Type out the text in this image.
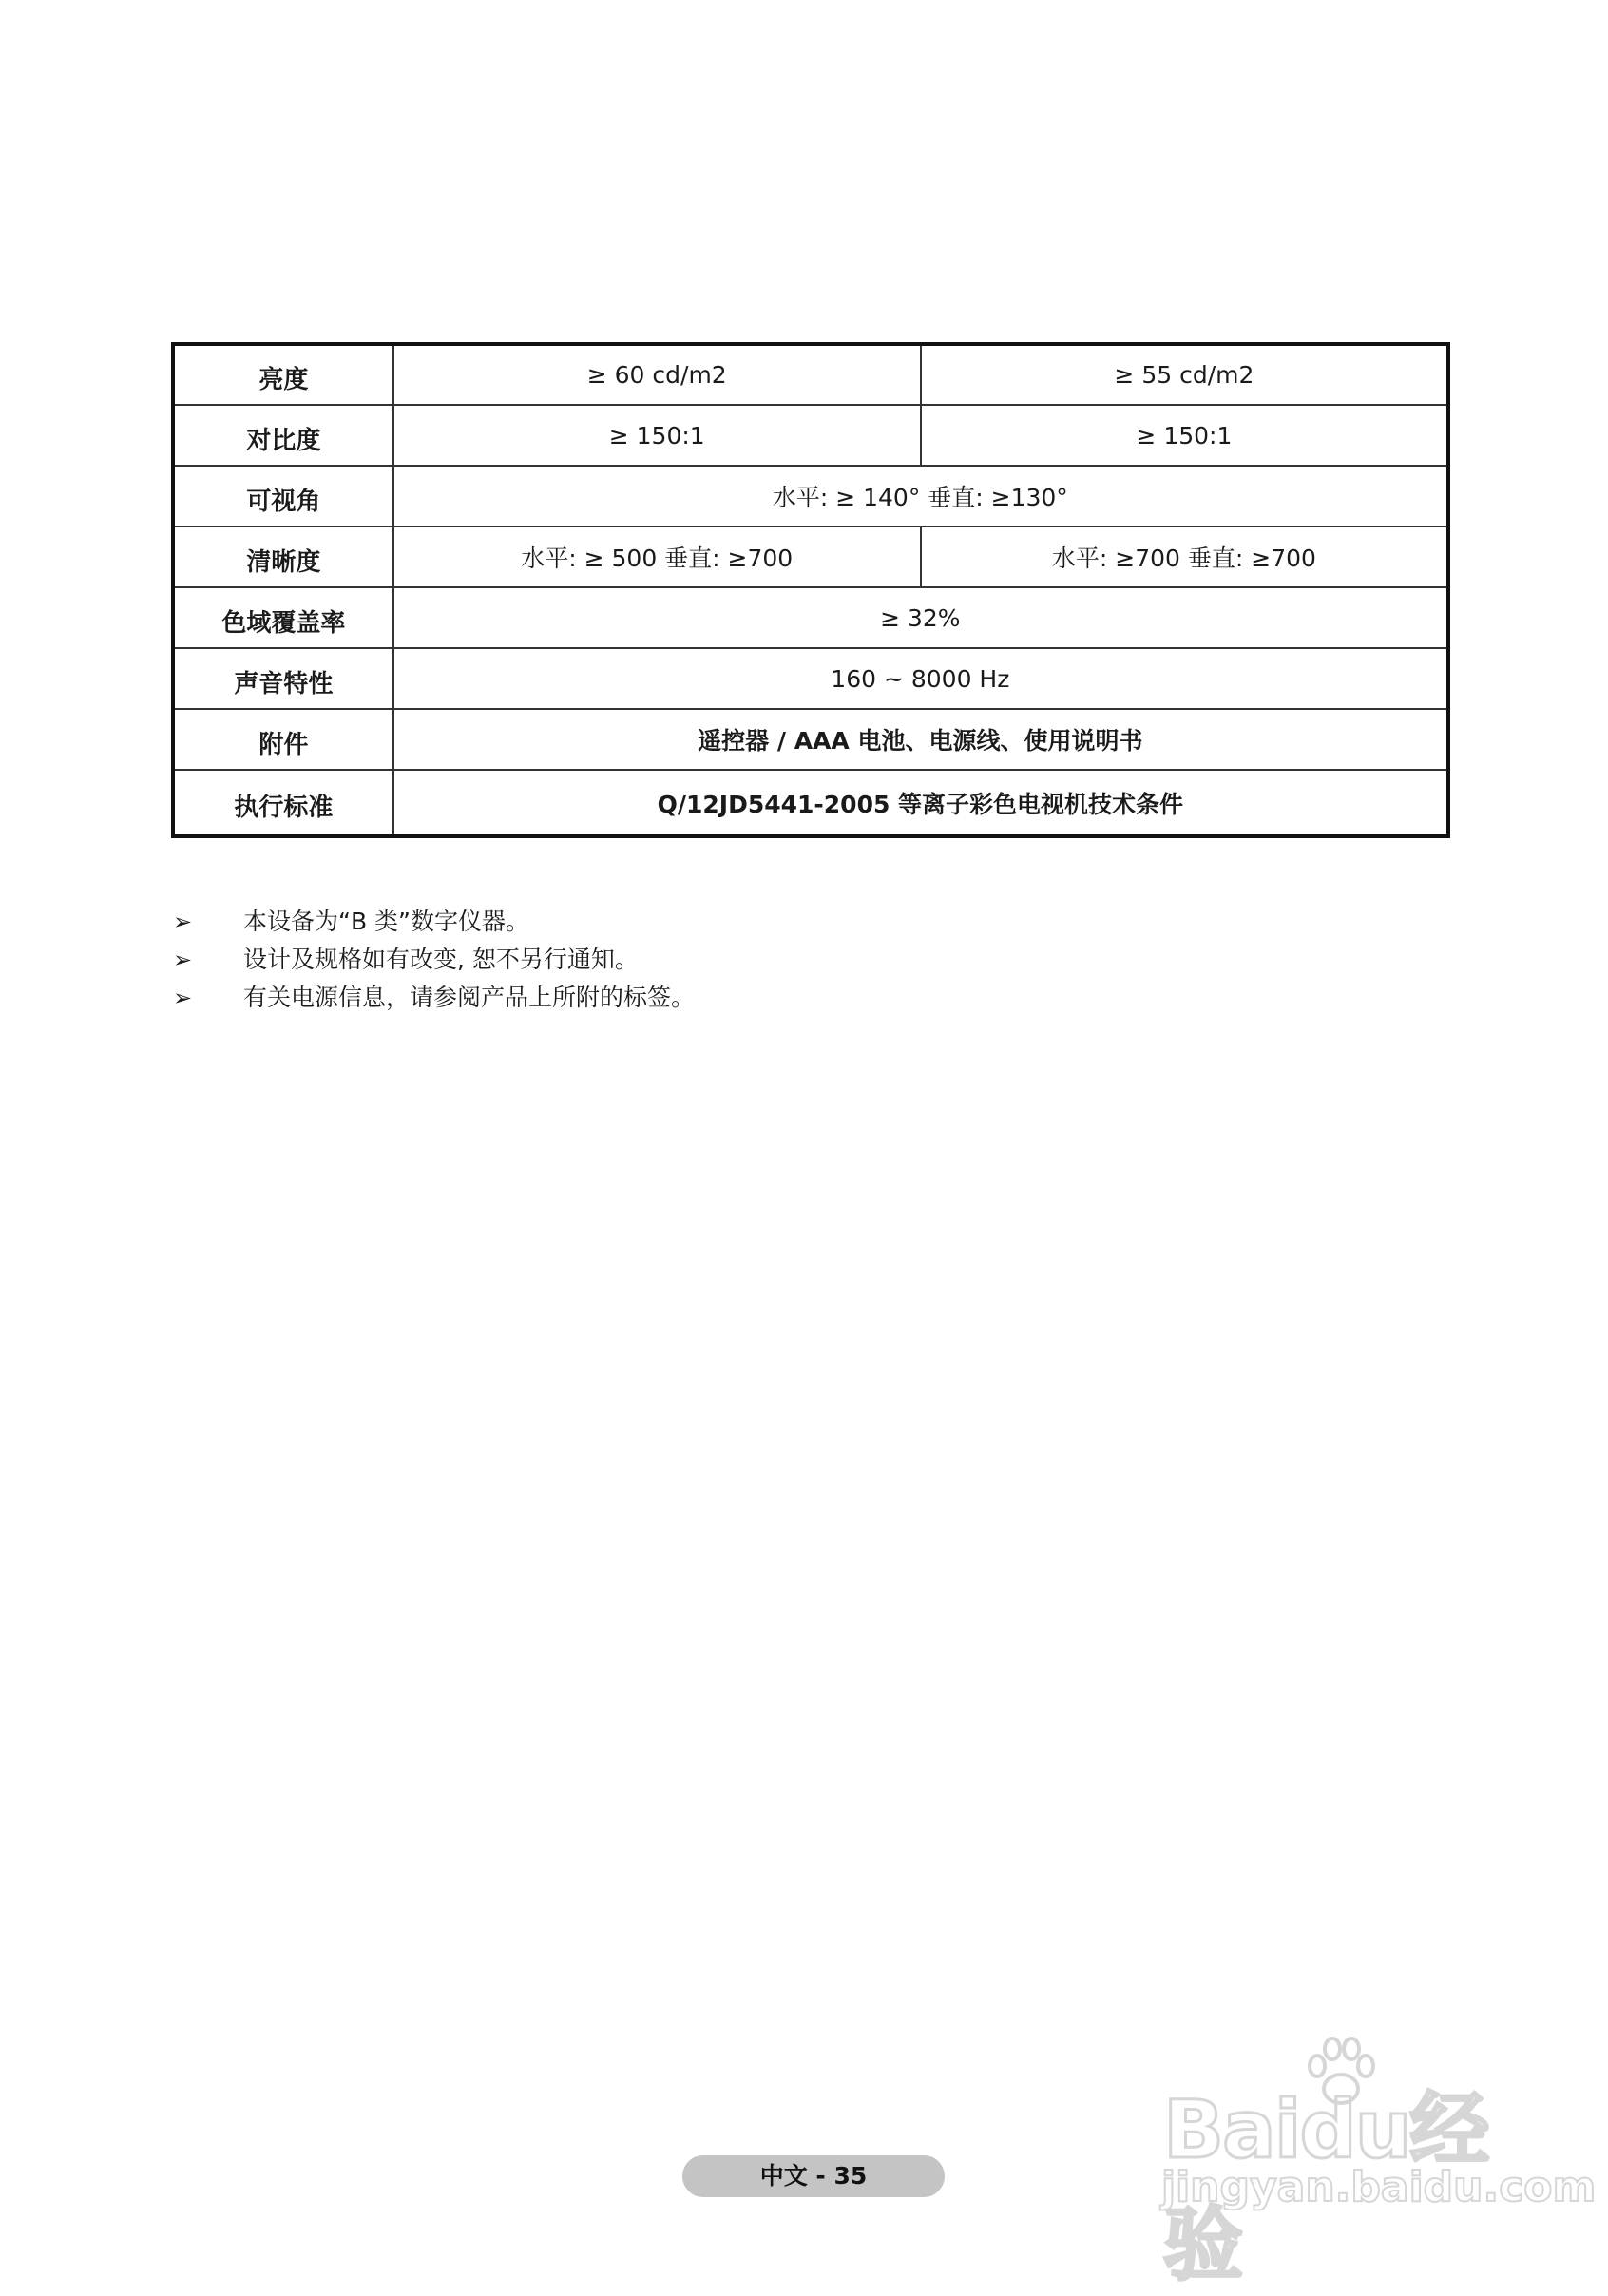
亮度	≥ 60 cd/m2	≥ 55 cd/m2
对比度	≥ 150:1	≥ 150:1
可视角	水平: ≥ 140° 垂直: ≥130°	
清晰度	水平: ≥ 500 垂直: ≥700	水平: ≥700 垂直: ≥700
色域覆盖率	≥ 32%	
声音特性	160 ~ 8000 Hz	
附件	遥控器 / AAA 电池、电源线、使用说明书	
执行标准	Q/12JD5441-2005 等离子彩色电视机技术条件	
➢ 本设备为“B 类”数字仪器。
➢ 设计及规格如有改变, 恕不另行通知。
➢ 有关电源信息，请参阅产品上所附的标签。
中文 - 35	Baidu经验
jingyan.baidu.com
